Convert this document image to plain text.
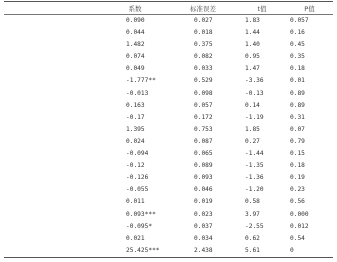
	系数	标准误差	t值	P值
	0.090	0.027	1.83	0.057
	0.044	0.018	1.44	0.16
	1.482	0.375	1.40	0.45
	0.074	0.082	0.95	0.35
	0.049	0.033	1.47	0.18
	-1.777**	0.529	-3.36	0.01
	-0.013	0.098	-0.13	0.89
	0.163	0.057	0.14	0.89
	-0.17	0.172	-1.19	0.31
	1.395	0.753	1.85	0.07
	0.024	0.087	0.27	0.79
	-0.094	0.065	-1.44	0.15
	-0.12	0.089	-1.35	0.18
	-0.126	0.093	-1.36	0.19
	-0.055	0.046	-1.20	0.23
	0.011	0.019	0.58	0.56
	0.093***	0.023	3.97	0.000
	-0.095*	0.037	-2.55	0.012
	0.021	0.034	0.62	0.54
	25.425***	2.438	5.61	0
